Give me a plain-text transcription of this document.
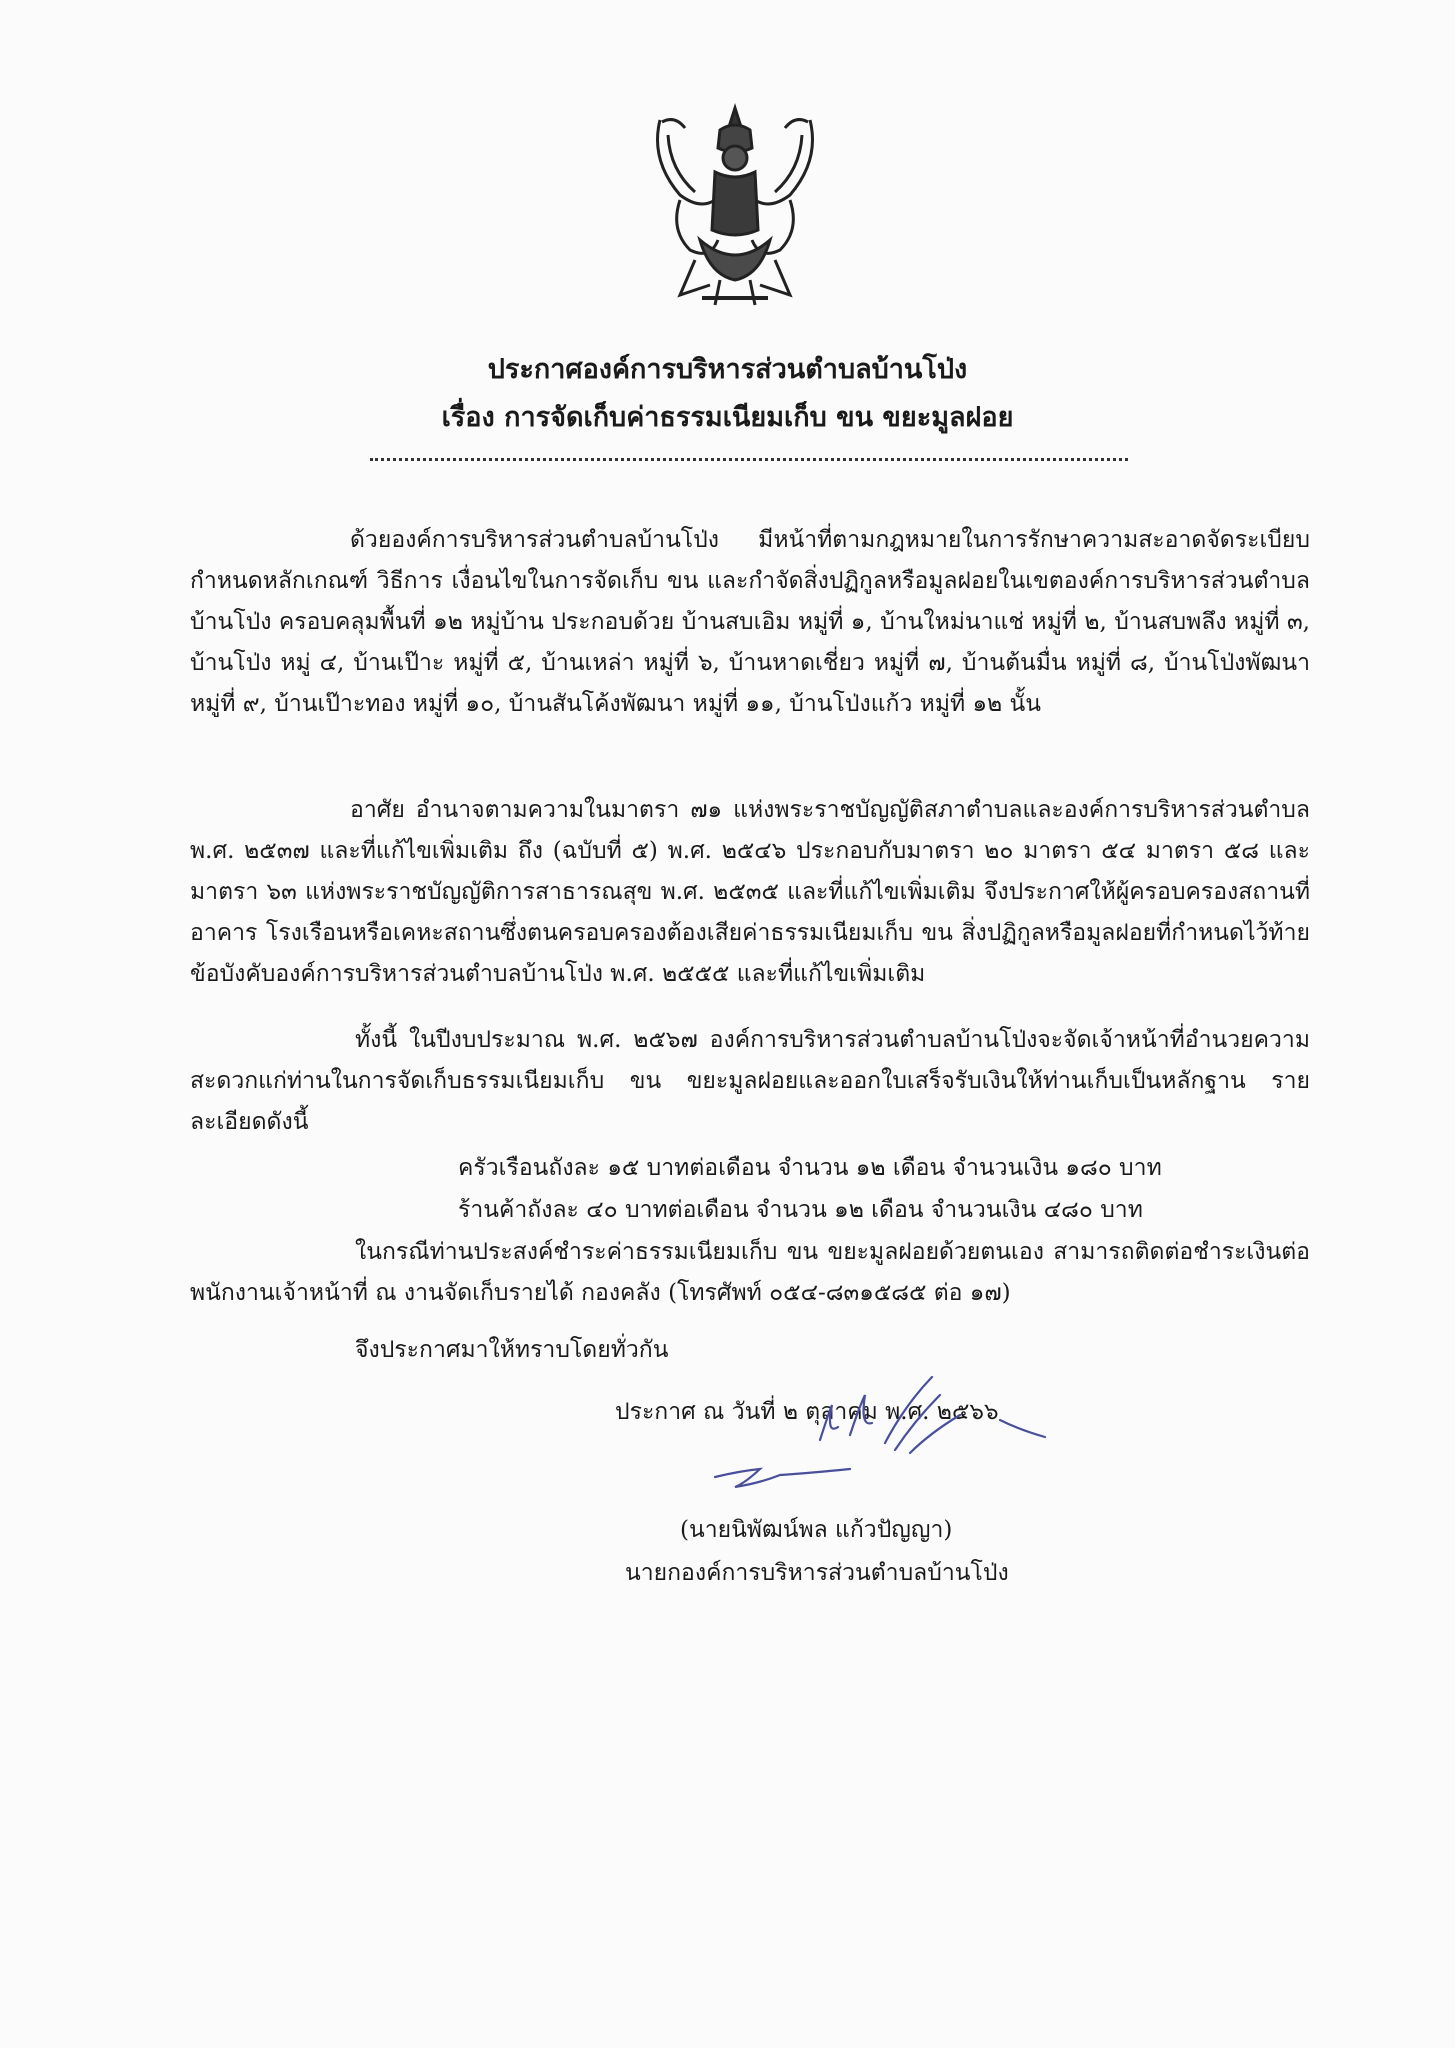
ประกาศองค์การบริหารส่วนตำบลบ้านโป่ง
เรื่อง การจัดเก็บค่าธรรมเนียมเก็บ ขน ขยะมูลฝอย
ด้วยองค์การบริหารส่วนตำบลบ้านโป่ง มีหน้าที่ตามกฎหมายในการรักษาความสะอาดจัดระเบียบ กำหนดหลักเกณฑ์ วิธีการ เงื่อนไขในการจัดเก็บ ขน และกำจัดสิ่งปฏิกูลหรือมูลฝอยในเขตองค์การบริหารส่วนตำบลบ้านโป่ง ครอบคลุมพื้นที่ ๑๒ หมู่บ้าน ประกอบด้วย บ้านสบเอิม หมู่ที่ ๑, บ้านใหม่นาแช่ หมู่ที่ ๒, บ้านสบพลึง หมู่ที่ ๓, บ้านโป่ง หมู่ ๔, บ้านเป๊าะ หมู่ที่ ๕, บ้านเหล่า หมู่ที่ ๖, บ้านหาดเชี่ยว หมู่ที่ ๗, บ้านต้นมื่น หมู่ที่ ๘, บ้านโป่งพัฒนา หมู่ที่ ๙, บ้านเป๊าะทอง หมู่ที่ ๑๐, บ้านสันโค้งพัฒนา หมู่ที่ ๑๑, บ้านโป่งแก้ว หมู่ที่ ๑๒ นั้น
อาศัย อำนาจตามความในมาตรา ๗๑ แห่งพระราชบัญญัติสภาตำบลและองค์การบริหารส่วนตำบล พ.ศ. ๒๕๓๗ และที่แก้ไขเพิ่มเติม ถึง (ฉบับที่ ๕) พ.ศ. ๒๕๔๖ ประกอบกับมาตรา ๒๐ มาตรา ๕๔ มาตรา ๕๘ และมาตรา ๖๓ แห่งพระราชบัญญัติการสาธารณสุข พ.ศ. ๒๕๓๕ และที่แก้ไขเพิ่มเติม จึงประกาศให้ผู้ครอบครองสถานที่ อาคาร โรงเรือนหรือเคหะสถานซึ่งตนครอบครองต้องเสียค่าธรรมเนียมเก็บ ขน สิ่งปฏิกูลหรือมูลฝอยที่กำหนดไว้ท้ายข้อบังคับองค์การบริหารส่วนตำบลบ้านโป่ง พ.ศ. ๒๕๕๕ และที่แก้ไขเพิ่มเติม
ทั้งนี้ ในปีงบประมาณ พ.ศ. ๒๕๖๗ องค์การบริหารส่วนตำบลบ้านโป่งจะจัดเจ้าหน้าที่อำนวยความสะดวกแก่ท่านในการจัดเก็บธรรมเนียมเก็บ ขน ขยะมูลฝอยและออกใบเสร็จรับเงินให้ท่านเก็บเป็นหลักฐาน รายละเอียดดังนี้
ครัวเรือนถังละ ๑๕ บาทต่อเดือน จำนวน ๑๒ เดือน จำนวนเงิน ๑๘๐ บาท
ร้านค้าถังละ ๔๐ บาทต่อเดือน จำนวน ๑๒ เดือน จำนวนเงิน ๔๘๐ บาท
ในกรณีท่านประสงค์ชำระค่าธรรมเนียมเก็บ ขน ขยะมูลฝอยด้วยตนเอง สามารถติดต่อชำระเงินต่อพนักงานเจ้าหน้าที่ ณ งานจัดเก็บรายได้ กองคลัง (โทรศัพท์ ๐๕๔-๘๓๑๕๘๕ ต่อ ๑๗)
จึงประกาศมาให้ทราบโดยทั่วกัน
ประกาศ ณ วันที่ ๒ ตุลาคม พ.ศ. ๒๕๖๖
(นายนิพัฒน์พล แก้วปัญญา)
นายกองค์การบริหารส่วนตำบลบ้านโป่ง
